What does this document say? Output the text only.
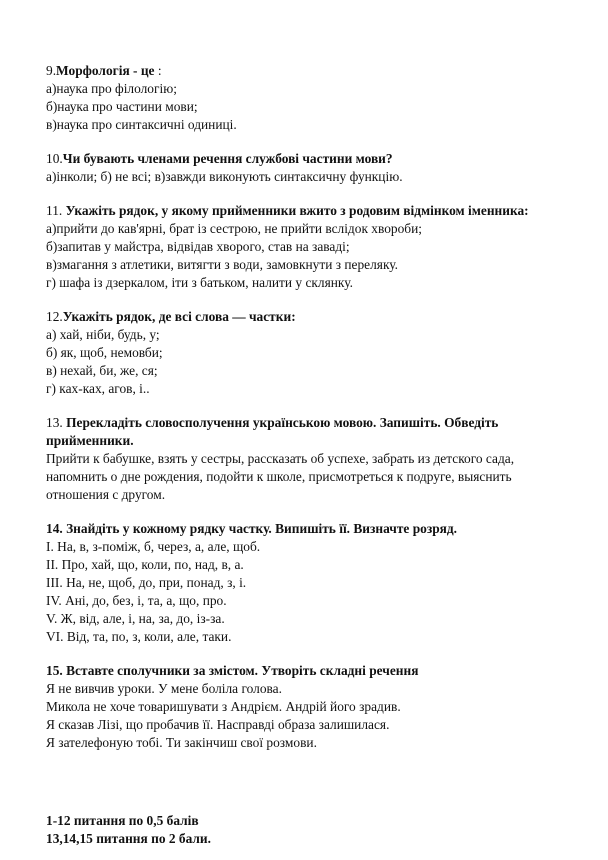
9.Морфологія - це :
а)наука про філологію;
б)наука про частини мови;
в)наука про синтаксичні одиниці.
10.Чи бувають членами речення службові частини мови?
а)інколи; б) не всі; в)завжди виконують синтаксичну функцію.
11. Укажіть рядок, у якому прийменники вжито з родовим відмінком іменника:
а)прийти до кав'ярні, брат із сестрою, не прийти вслідок хвороби;
б)запитав у майстра, відвідав хворого, став на заваді;
в)змагання з атлетики, витягти з води, замовкнути з переляку.
г) шафа із дзеркалом, іти з батьком, налити у склянку.
12.Укажіть рядок, де всі слова — частки:
а) хай, ніби, будь, у;
б) як, щоб, немовби;
в) нехай, би, же, ся;
г) ках-ках, агов, і..
13. Перекладіть словосполучення українською мовою. Запишіть. Обведіть прийменники.
Прийти к бабушке, взять у сестры, рассказать об успехе, забрать из детского сада, напомнить о дне рождения, подойти к школе, присмотреться к подруге, выяснить отношения с другом.
14. Знайдіть у кожному рядку частку. Випишіть її. Визначте розряд.
І. На, в, з-поміж, б, через, а, але, щоб.
ІІ. Про, хай, що, коли, по, над, в, а.
ІІІ. На, не, щоб, до, при, понад, з, і.
IV. Ані, до, без, і, та, а, що, про.
V. Ж, від, але, і, на, за, до, із-за.
VІ. Від, та, по, з, коли, але, таки.
15. Вставте сполучники за змістом. Утворіть складні речення
Я не вивчив уроки. У мене боліла голова.
Микола не хоче товаришувати з Андрієм. Андрій його зрадив.
Я сказав Лізі, що пробачив її. Насправді образа залишилася.
Я зателефоную тобі. Ти закінчиш свої розмови.
1-12 питання по 0,5 балів
13,14,15 питання по 2 бали.
